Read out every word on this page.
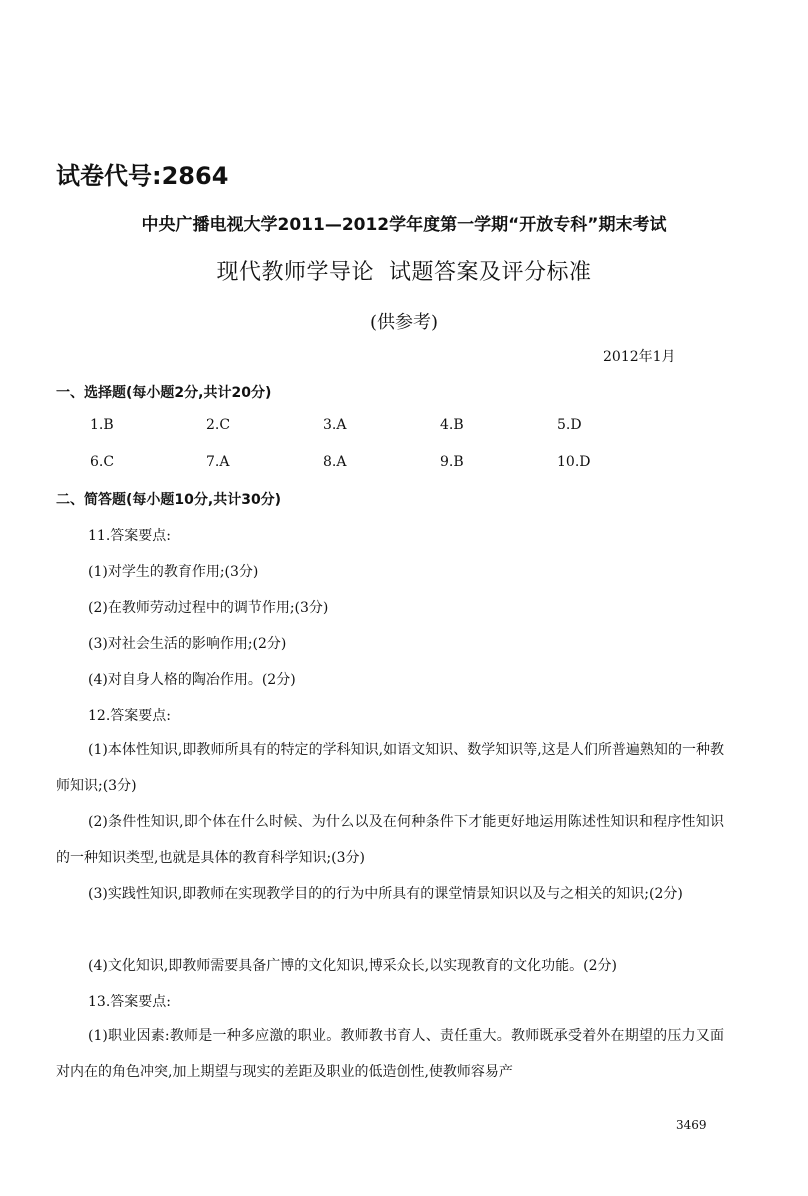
试卷代号:2864
中央广播电视大学2011—2012学年度第一学期“开放专科”期末考试
现代教师学导论  试题答案及评分标准
(供参考)
2012年1月
一、选择题(每小题2分,共计20分)
1.B	2.C	3.A	4.B	5.D
6.C	7.A	8.A	9.B	10.D
二、简答题(每小题10分,共计30分)
11.答案要点:
(1)对学生的教育作用;(3分)
(2)在教师劳动过程中的调节作用;(3分)
(3)对社会生活的影响作用;(2分)
(4)对自身人格的陶冶作用。(2分)
12.答案要点:
(1)本体性知识,即教师所具有的特定的学科知识,如语文知识、数学知识等,这是人们所普遍熟知的一种教师知识;(3分)
(2)条件性知识,即个体在什么时候、为什么以及在何种条件下才能更好地运用陈述性知识和程序性知识的一种知识类型,也就是具体的教育科学知识;(3分)
(3)实践性知识,即教师在实现教学目的的行为中所具有的课堂情景知识以及与之相关的知识;(2分)
(4)文化知识,即教师需要具备广博的文化知识,博采众长,以实现教育的文化功能。(2分)
13.答案要点:
(1)职业因素:教师是一种多应激的职业。教师教书育人、责任重大。教师既承受着外在期望的压力又面对内在的角色冲突,加上期望与现实的差距及职业的低造创性,使教师容易产
3469
